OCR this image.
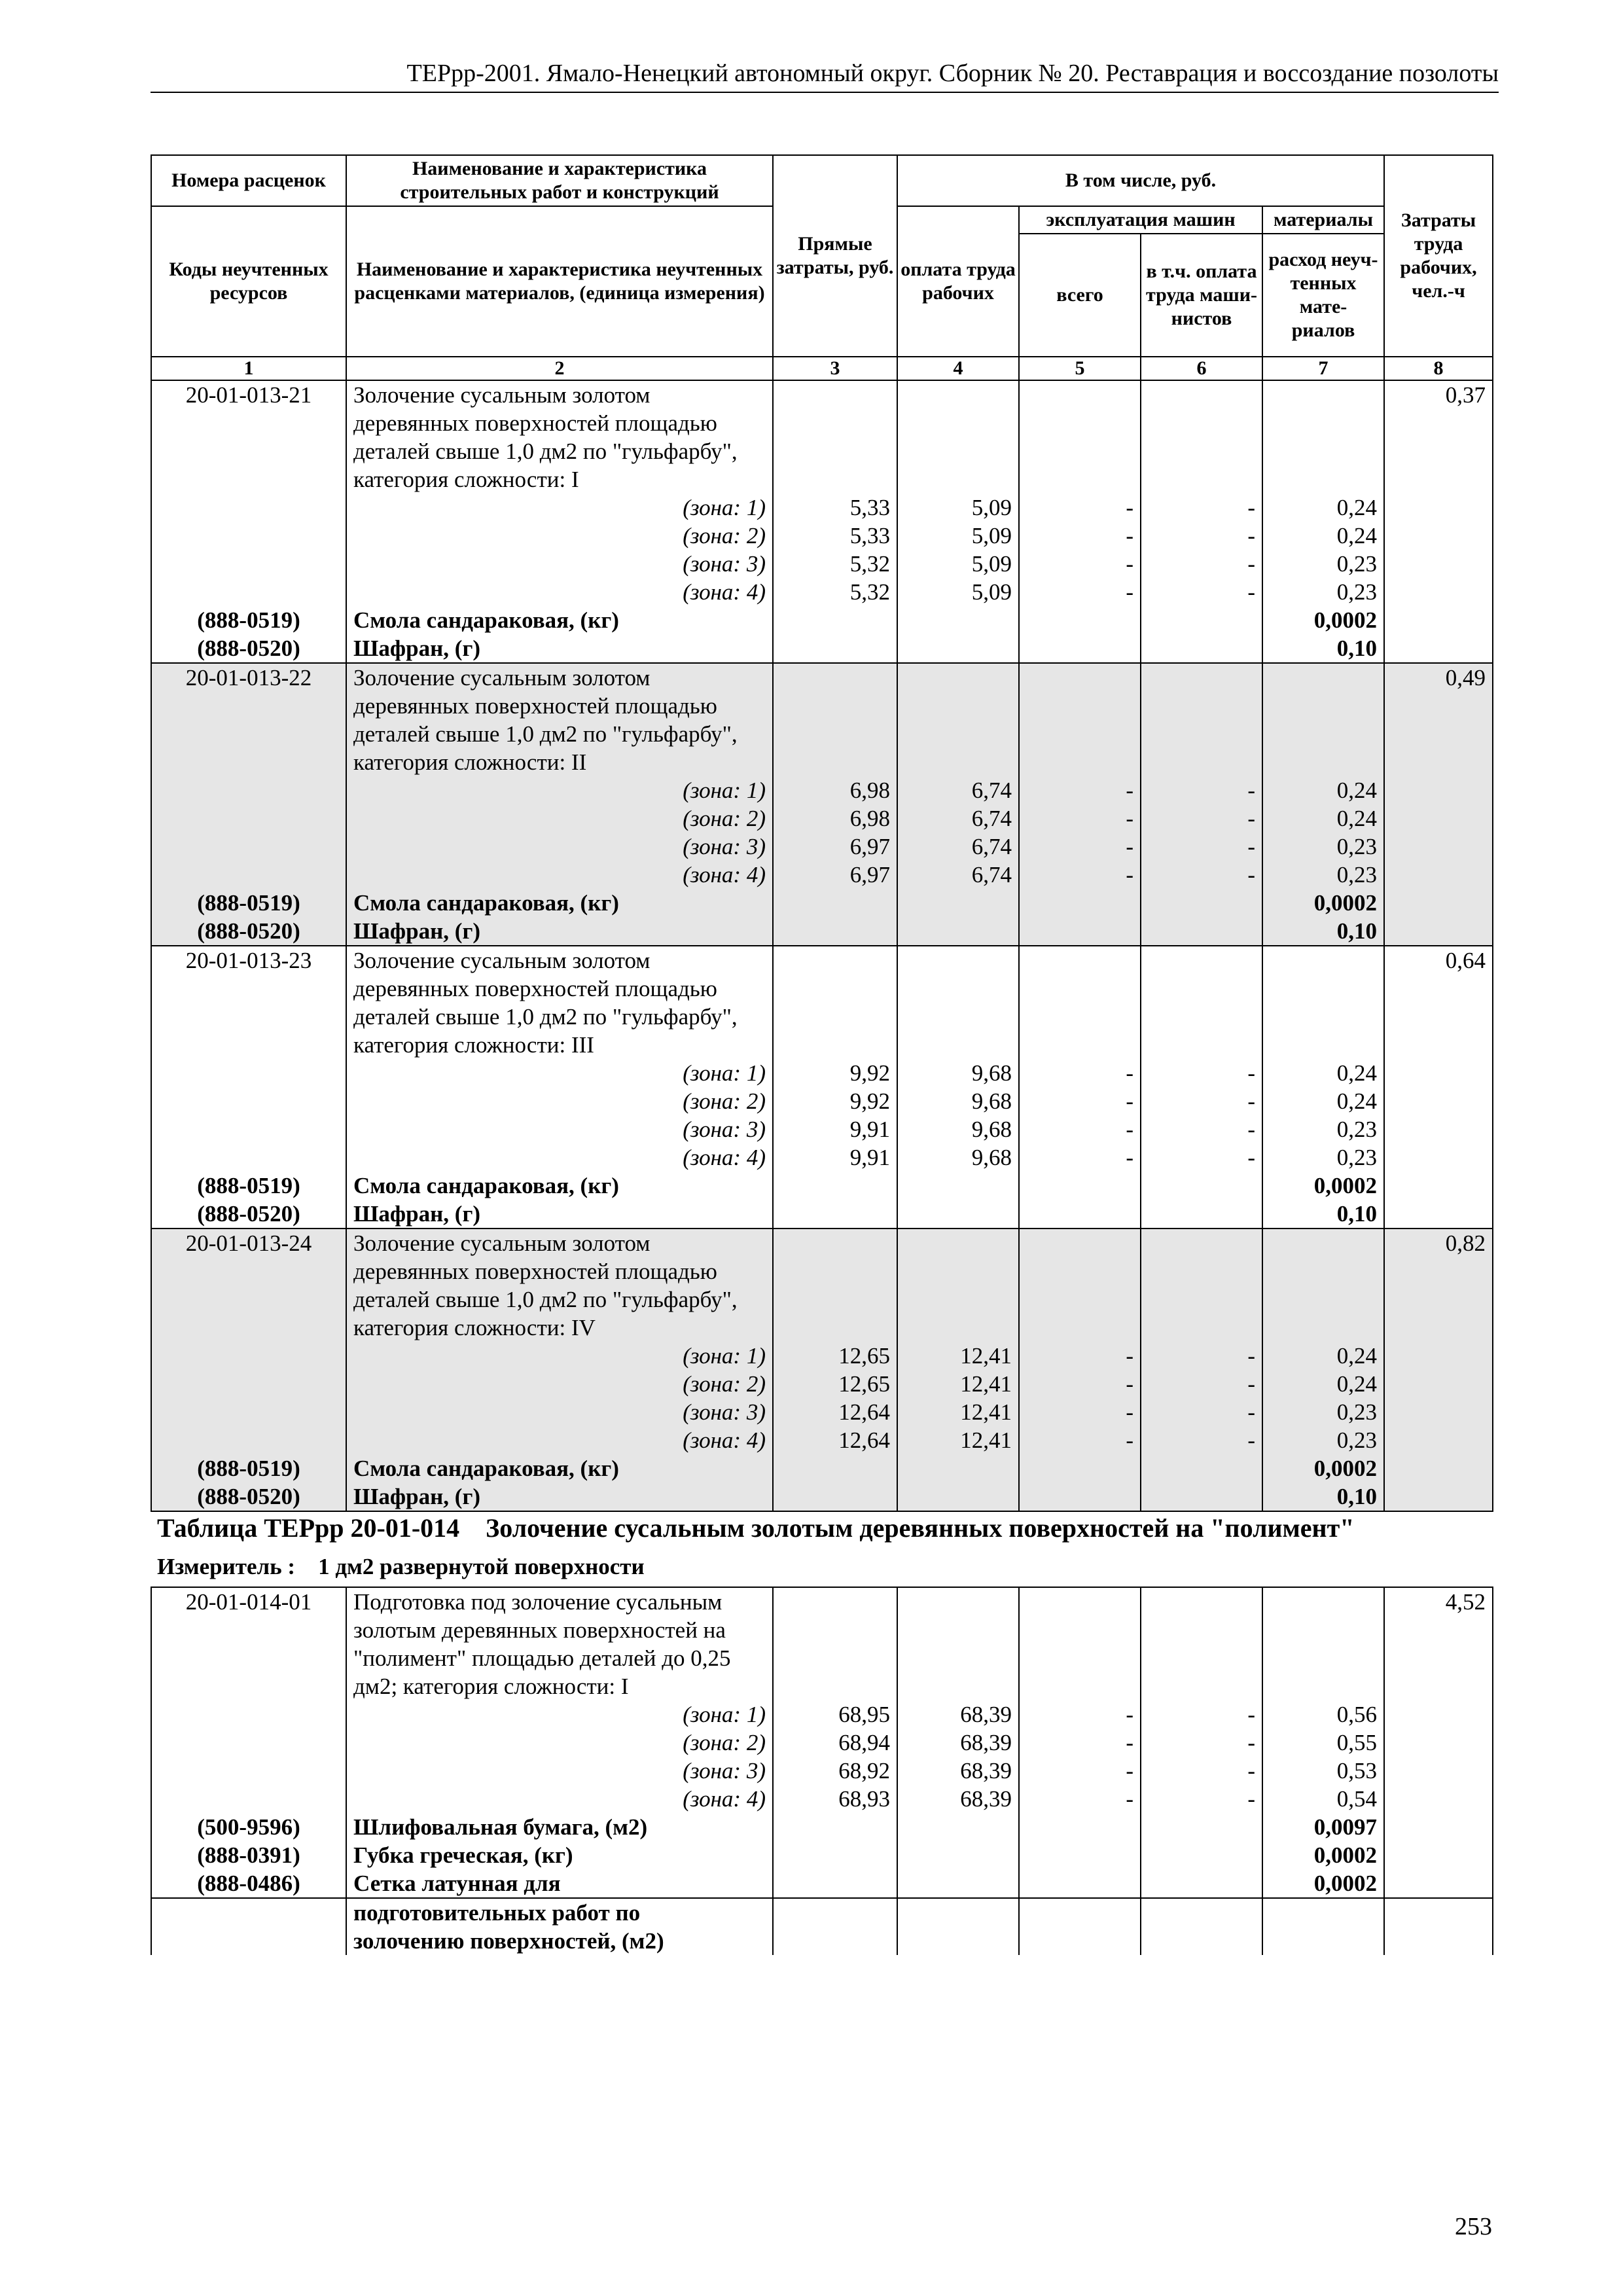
ТЕРрр-2001. Ямало-Ненецкий автономный округ. Сборник № 20. Реставрация и воссоздание позолоты
Номера расценок	Наименование и характеристика строительных работ и конструкций	Прямые затраты, руб.	В том числе, руб.				Затраты труда рабочих, чел.-ч
Коды неучтенных ресурсов	Наименование и характеристика неучтенных расценками материалов, (единица измерения)		оплата труда рабочих	эксплуатация машин		материалы	
				всего	в т.ч. оплата труда маши- нистов	расход неуч- тенных мате- риалов	
1	2	3	4	5	6	7	8
20-01-013-21	Золочение сусальным золотом						0,37
	деревянных поверхностей площадью						
	деталей свыше 1,0 дм2 по "гульфарбу",						
	категория сложности: I						
	(зона: 1)	5,33	5,09	-	-	0,24	
	(зона: 2)	5,33	5,09	-	-	0,24	
	(зона: 3)	5,32	5,09	-	-	0,23	
	(зона: 4)	5,32	5,09	-	-	0,23	
(888-0519)	Смола сандараковая, (кг)					0,0002	
(888-0520)	Шафран, (г)					0,10	
20-01-013-22	Золочение сусальным золотом						0,49
	деревянных поверхностей площадью						
	деталей свыше 1,0 дм2 по "гульфарбу",						
	категория сложности: II						
	(зона: 1)	6,98	6,74	-	-	0,24	
	(зона: 2)	6,98	6,74	-	-	0,24	
	(зона: 3)	6,97	6,74	-	-	0,23	
	(зона: 4)	6,97	6,74	-	-	0,23	
(888-0519)	Смола сандараковая, (кг)					0,0002	
(888-0520)	Шафран, (г)					0,10	
20-01-013-23	Золочение сусальным золотом						0,64
	деревянных поверхностей площадью						
	деталей свыше 1,0 дм2 по "гульфарбу",						
	категория сложности: III						
	(зона: 1)	9,92	9,68	-	-	0,24	
	(зона: 2)	9,92	9,68	-	-	0,24	
	(зона: 3)	9,91	9,68	-	-	0,23	
	(зона: 4)	9,91	9,68	-	-	0,23	
(888-0519)	Смола сандараковая, (кг)					0,0002	
(888-0520)	Шафран, (г)					0,10	
20-01-013-24	Золочение сусальным золотом						0,82
	деревянных поверхностей площадью						
	деталей свыше 1,0 дм2 по "гульфарбу",						
	категория сложности: IV						
	(зона: 1)	12,65	12,41	-	-	0,24	
	(зона: 2)	12,65	12,41	-	-	0,24	
	(зона: 3)	12,64	12,41	-	-	0,23	
	(зона: 4)	12,64	12,41	-	-	0,23	
(888-0519)	Смола сандараковая, (кг)					0,0002	
(888-0520)	Шафран, (г)					0,10	
Таблица ТЕРрр 20-01-014    Золочение сусальным золотым деревянных поверхностей на "полимент"
Измеритель :    1 дм2 развернутой поверхности
20-01-014-01	Подготовка под золочение сусальным						4,52
	золотым деревянных поверхностей на						
	"полимент" площадью деталей до 0,25						
	дм2; категория сложности: I						
	(зона: 1)	68,95	68,39	-	-	0,56	
	(зона: 2)	68,94	68,39	-	-	0,55	
	(зона: 3)	68,92	68,39	-	-	0,53	
	(зона: 4)	68,93	68,39	-	-	0,54	
(500-9596)	Шлифовальная бумага, (м2)					0,0097	
(888-0391)	Губка греческая, (кг)					0,0002	
(888-0486)	Сетка латунная для					0,0002	
	подготовительных работ по						
	золочению поверхностей, (м2)						
253
